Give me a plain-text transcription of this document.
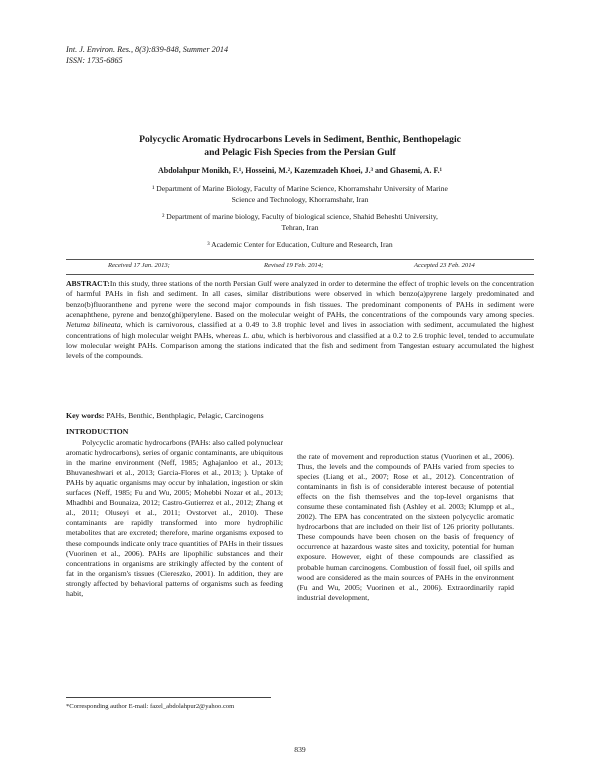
Int. J. Environ. Res., 8(3):839-848, Summer 2014
ISSN: 1735-6865
Polycyclic Aromatic Hydrocarbons Levels in Sediment, Benthic, Benthopelagic
and Pelagic Fish Species from the Persian Gulf
Abdolahpur Monikh, F.¹, Hosseini, M.², Kazemzadeh Khoei, J.³ and Ghasemi, A. F.¹
¹ Department of Marine Biology, Faculty of Marine Science, Khorramshahr University of Marine
Science and Technology, Khorramshahr, Iran
² Department of marine biology, Faculty of biological science, Shahid Beheshti University,
Tehran, Iran
³ Academic Center for Education, Culture and Research, Iran
Received 17 Jan. 2013;	Revised 19 Feb. 2014;	Accepted 23 Feb. 2014
ABSTRACT:In this study, three stations of the north Persian Gulf were analyzed in order to determine the effect of trophic levels on the concentration of harmful PAHs in fish and sediment. In all cases, similar distributions were observed in which benzo(a)pyrene largely predominated and benzo(b)fluoranthene and pyrene were the second major compounds in fish tissues. The predominant components of PAHs in sediment were acenaphthene, pyrene and benzo(ghi)perylene. Based on the molecular weight of PAHs, the concentrations of the compounds vary among species. Netuma bilineata, which is carnivorous, classified at a 0.49 to 3.8 trophic level and lives in association with sediment, accumulated the highest concentrations of high molecular weight PAHs, whereas L. abu, which is herbivorous and classified at a 0.2 to 2.6 trophic level, tended to accumulate low molecular weight PAHs. Comparison among the stations indicated that the fish and sediment from Tangestan estuary accumulated the highest levels of the compounds.
Key words: PAHs, Benthic, Benthplagic, Pelagic, Carcinogens
INTRODUCTION

Polycyclic aromatic hydrocarbons (PAHs: also called polynuclear aromatic hydrocarbons), series of organic contaminants, are ubiquitous in the marine environment (Neff, 1985; Aghajanloo et al., 2013; Bhuvaneshwari et al., 2013; Garcia-Flores et al., 2013; ). Uptake of PAHs by aquatic organisms may occur by inhalation, ingestion or skin surfaces (Neff, 1985; Fu and Wu, 2005; Mohebbi Nozar et al., 2013; Mhadhbi and Bounaiza, 2012; Castro-Gutierrez et al., 2012; Zhang et al., 2011; Oluseyi et al., 2011; Ovstorvet al., 2010). These contaminants are rapidly transformed into more hydrophilic metabolites that are excreted; therefore, marine organisms exposed to these compounds indicate only trace quantities of PAHs in their tissues (Vuorinen et al., 2006). PAHs are lipophilic substances and their concentrations in organisms are strikingly affected by the content of fat in the organism's tissues (Ciereszko, 2001). In addition, they are strongly affected by behavioral patterns of organisms such as feeding habit,

the rate of movement and reproduction status (Vuorinen et al., 2006). Thus, the levels and the compounds of PAHs varied from species to species (Liang et al., 2007; Rose et al., 2012). Concentration of contaminants in fish is of considerable interest because of potential effects on the fish themselves and the top-level organisms that consume these contaminated fish (Ashley et al. 2003; Klumpp et al., 2002). The EPA has concentrated on the sixteen polycyclic aromatic hydrocarbons that are included on their list of 126 priority pollutants. These compounds have been chosen on the basis of frequency of occurrence at hazardous waste sites and toxicity, potential for human exposure. However, eight of these compounds are classified as probable human carcinogens. Combustion of fossil fuel, oil spills and wood are considered as the main sources of PAHs in the environment (Fu and Wu, 2005; Vuorinen et al., 2006). Extraordinarily rapid industrial development,

*Corresponding author E-mail: fazel_abdolahpur2@yahoo.com
839
